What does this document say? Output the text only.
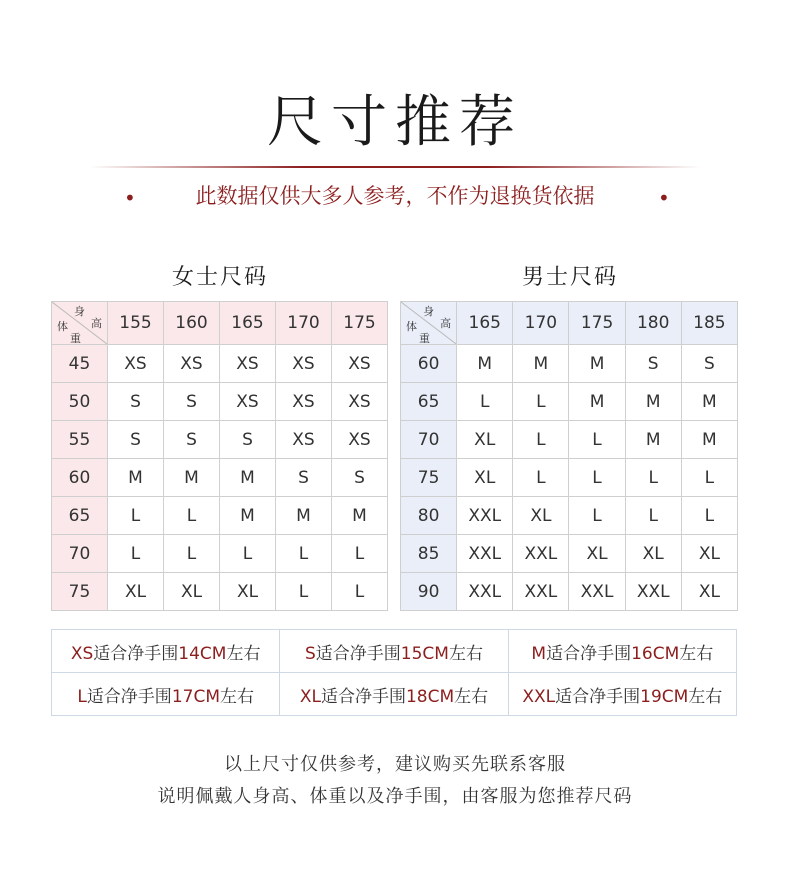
尺寸推荐
•	此数据仅供大多人参考，不作为退换货依据	•
女士尺码	男士尺码
身
高
体
重	155	160	165	170	175
45	XS	XS	XS	XS	XS
50	S	S	XS	XS	XS
55	S	S	S	XS	XS
60	M	M	M	S	S
65	L	L	M	M	M
70	L	L	L	L	L
75	XL	XL	XL	L	L
身
高
体
重	165	170	175	180	185
60	M	M	M	S	S
65	L	L	M	M	M
70	XL	L	L	M	M
75	XL	L	L	L	L
80	XXL	XL	L	L	L
85	XXL	XXL	XL	XL	XL
90	XXL	XXL	XXL	XXL	XL
XS适合净手围14CM左右	S适合净手围15CM左右	M适合净手围16CM左右
L适合净手围17CM左右	XL适合净手围18CM左右	XXL适合净手围19CM左右
以上尺寸仅供参考，建议购买先联系客服
说明佩戴人身高、体重以及净手围，由客服为您推荐尺码
